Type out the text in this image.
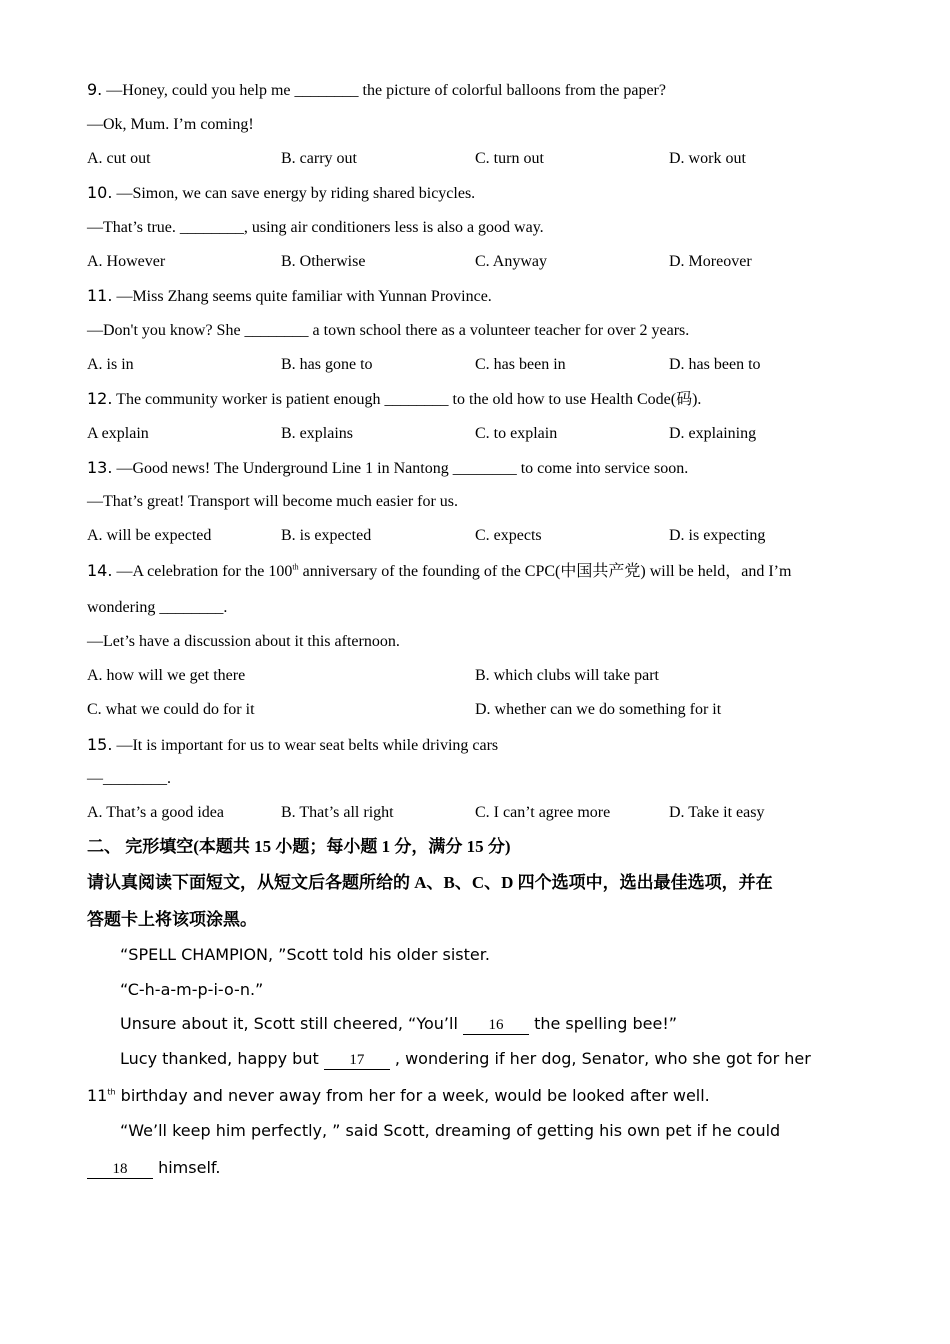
9. —Honey, could you help me ________ the picture of colorful balloons from the paper?
—Ok, Mum. I’m coming!
A. cut out	B. carry out	C. turn out	D. work out
10. —Simon, we can save energy by riding shared bicycles.
—That’s true. ________, using air conditioners less is also a good way.
A. However	B. Otherwise	C. Anyway	D. Moreover
11. —Miss Zhang seems quite familiar with Yunnan Province.
—Don't you know? She ________ a town school there as a volunteer teacher for over 2 years.
A. is in	B. has gone to	C. has been in	D. has been to
12. The community worker is patient enough ________ to the old how to use Health Code(码).
A explain	B. explains	C. to explain	D. explaining
13. —Good news! The Underground Line 1 in Nantong ________ to come into service soon.
—That’s great! Transport will become much easier for us.
A. will be expected	B. is expected	C. expects	D. is expecting
14. —A celebration for the 100th anniversary of the founding of the CPC(中国共产党) will be held，and I’m
wondering ________.
—Let’s have a discussion about it this afternoon.
A. how will we get there	B. which clubs will take part
C. what we could do for it	D. whether can we do something for it
15. —It is important for us to wear seat belts while driving cars
—________.
A. That’s a good idea	B. That’s all right	C. I can’t agree more	D. Take it easy
二、 完形填空(本题共 15 小题；每小题 1 分，满分 15 分)
请认真阅读下面短文，从短文后各题所给的 A、B、C、D 四个选项中，选出最佳选项，并在
答题卡上将该项涂黑。
“SPELL CHAMPION, ”Scott told his older sister.
“C-h-a-m-p-i-o-n.”
Unsure about it, Scott still cheered, “You’ll 16 the spelling bee!”
Lucy thanked, happy but 17 , wondering if her dog, Senator, who she got for her
11th birthday and never away from her for a week, would be looked after well.
“We’ll keep him perfectly, ” said Scott, dreaming of getting his own pet if he could
18 himself.
